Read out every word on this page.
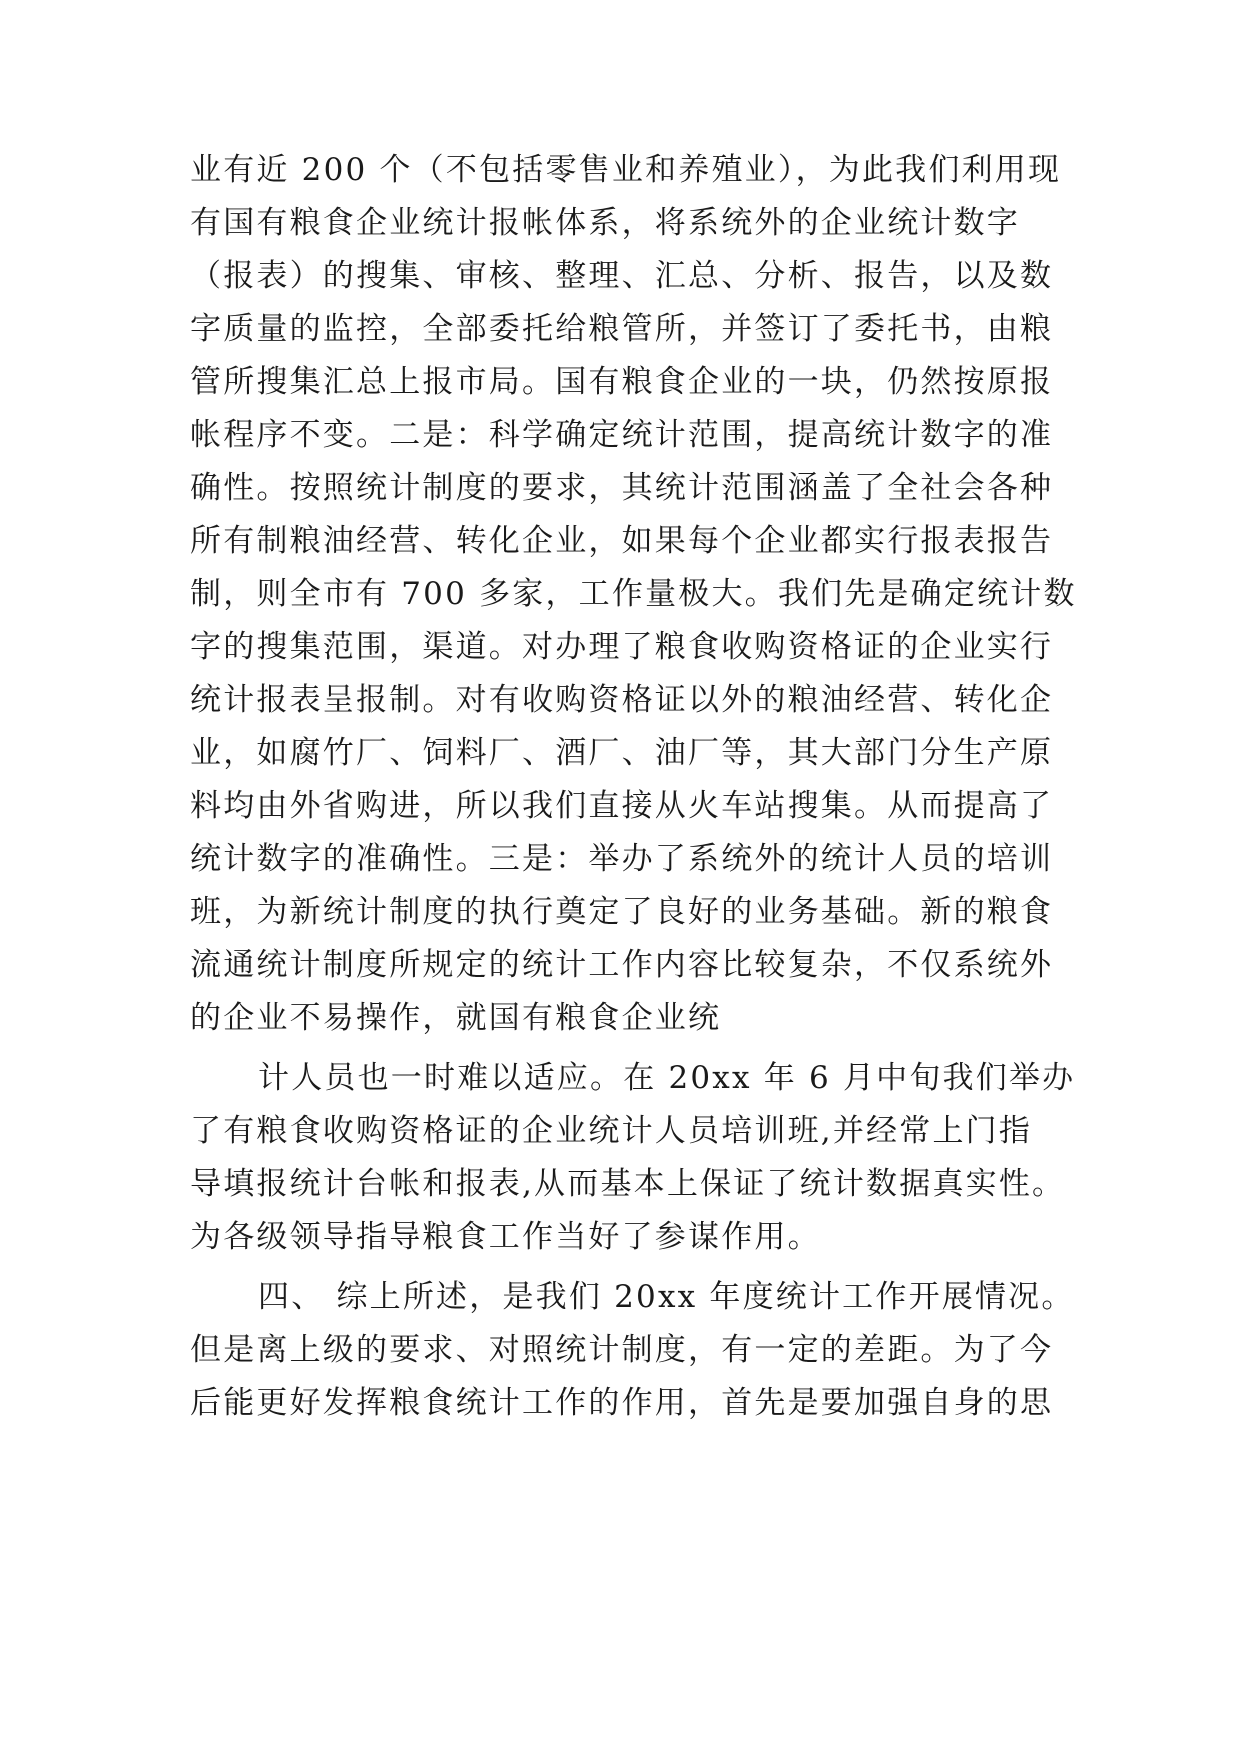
业有近 200 个（不包括零售业和养殖业），为此我们利用现
有国有粮食企业统计报帐体系，将系统外的企业统计数字
（报表）的搜集、审核、整理、汇总、分析、报告，以及数
字质量的监控，全部委托给粮管所，并签订了委托书，由粮
管所搜集汇总上报市局。国有粮食企业的一块，仍然按原报
帐程序不变。二是：科学确定统计范围，提高统计数字的准
确性。按照统计制度的要求，其统计范围涵盖了全社会各种
所有制粮油经营、转化企业，如果每个企业都实行报表报告
制，则全市有 700 多家，工作量极大。我们先是确定统计数
字的搜集范围，渠道。对办理了粮食收购资格证的企业实行
统计报表呈报制。对有收购资格证以外的粮油经营、转化企
业，如腐竹厂、饲料厂、酒厂、油厂等，其大部门分生产原
料均由外省购进，所以我们直接从火车站搜集。从而提高了
统计数字的准确性。三是：举办了系统外的统计人员的培训
班，为新统计制度的执行奠定了良好的业务基础。新的粮食
流通统计制度所规定的统计工作内容比较复杂，不仅系统外
的企业不易操作，就国有粮食企业统
计人员也一时难以适应。在 20xx 年 6 月中旬我们举办
了有粮食收购资格证的企业统计人员培训班,并经常上门指
导填报统计台帐和报表,从而基本上保证了统计数据真实性。
为各级领导指导粮食工作当好了参谋作用。
四、 综上所述，是我们 20xx 年度统计工作开展情况。
但是离上级的要求、对照统计制度，有一定的差距。为了今
后能更好发挥粮食统计工作的作用，首先是要加强自身的思
